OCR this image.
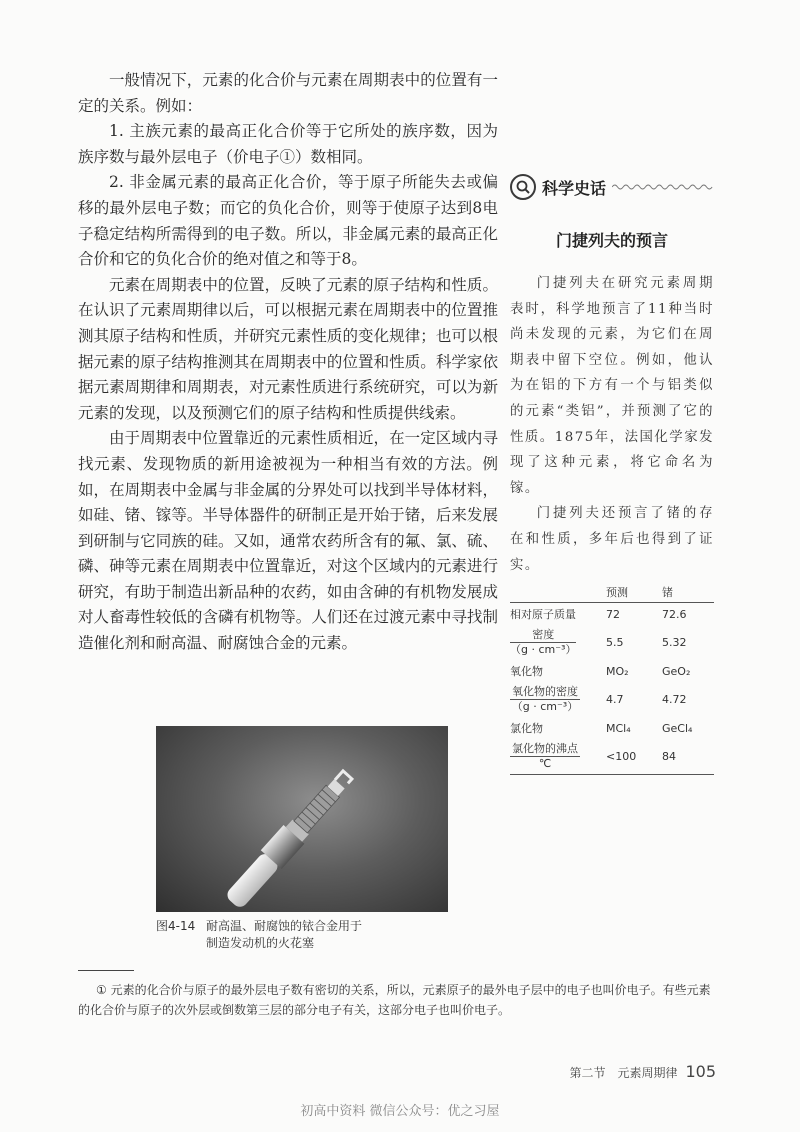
一般情况下，元素的化合价与元素在周期表中的位置有一定的关系。例如：

1. 主族元素的最高正化合价等于它所处的族序数，因为族序数与最外层电子（价电子①）数相同。

2. 非金属元素的最高正化合价，等于原子所能失去或偏移的最外层电子数；而它的负化合价，则等于使原子达到8电子稳定结构所需得到的电子数。所以，非金属元素的最高正化合价和它的负化合价的绝对值之和等于8。

元素在周期表中的位置，反映了元素的原子结构和性质。在认识了元素周期律以后，可以根据元素在周期表中的位置推测其原子结构和性质，并研究元素性质的变化规律；也可以根据元素的原子结构推测其在周期表中的位置和性质。科学家依据元素周期律和周期表，对元素性质进行系统研究，可以为新元素的发现，以及预测它们的原子结构和性质提供线索。

由于周期表中位置靠近的元素性质相近，在一定区域内寻找元素、发现物质的新用途被视为一种相当有效的方法。例如，在周期表中金属与非金属的分界处可以找到半导体材料，如硅、锗、镓等。半导体器件的研制正是开始于锗，后来发展到研制与它同族的硅。又如，通常农药所含有的氟、氯、硫、磷、砷等元素在周期表中位置靠近，对这个区域内的元素进行研究，有助于制造出新品种的农药，如由含砷的有机物发展成对人畜毒性较低的含磷有机物等。人们还在过渡元素中寻找制造催化剂和耐高温、耐腐蚀合金的元素。

图4-14 耐高温、耐腐蚀的铱合金用于
制造发动机的火花塞
科学史话
门捷列夫的预言

门捷列夫在研究元素周期表时，科学地预言了11种当时尚未发现的元素，为它们在周期表中留下空位。例如，他认为在铝的下方有一个与铝类似的元素“类铝”，并预测了它的性质。1875年，法国化学家发现了这种元素，将它命名为镓。

门捷列夫还预言了锗的存在和性质，多年后也得到了证实。

	预测	锗
相对原子质量	72	72.6

$\frac{\text{密度}}{\text{（g · cm⁻³）}}$	5.5	5.32
氧化物	MO₂	GeO₂

$\frac{\text{氧化物的密度}}{\text{（g · cm⁻³）}}$	4.7	4.72
氯化物	MCl₄	GeCl₄

$\frac{\text{氯化物的沸点}}{℃}$	<100	84

① 元素的化合价与原子的最外层电子数有密切的关系，所以，元素原子的最外电子层中的电子也叫价电子。有些元素的化合价与原子的次外层或倒数第三层的部分电子有关，这部分电子也叫价电子。

第二节　元素周期律 105
初高中资料 微信公众号：优之习屋
